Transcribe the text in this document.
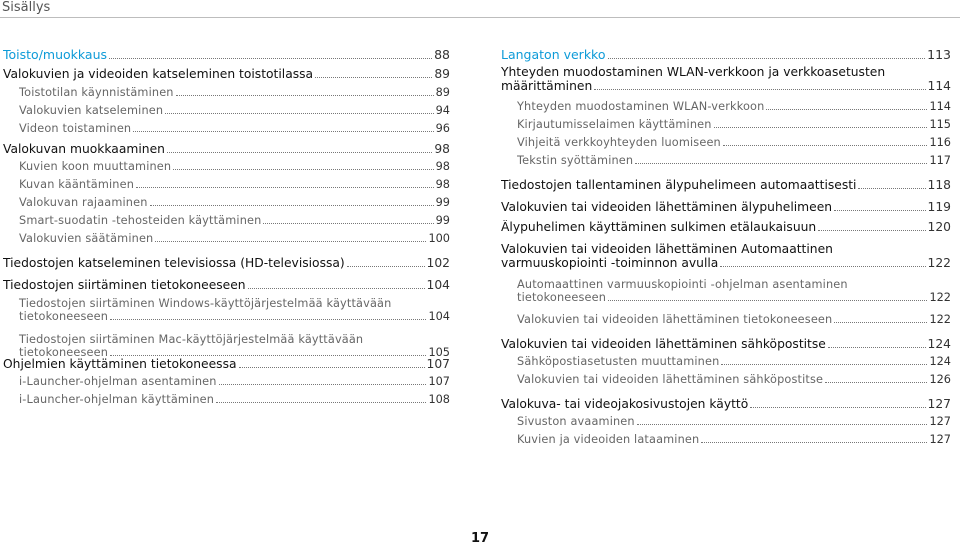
Sisällys
Toisto/muokkaus	88
Valokuvien ja videoiden katseleminen toistotilassa	89
Toistotilan käynnistäminen	89
Valokuvien katseleminen	94
Videon toistaminen	96
Valokuvan muokkaaminen	98
Kuvien koon muuttaminen	98
Kuvan kääntäminen	98
Valokuvan rajaaminen	99
Smart-suodatin -tehosteiden käyttäminen	99
Valokuvien säätäminen	100
Tiedostojen katseleminen televisiossa (HD-televisiossa)	102
Tiedostojen siirtäminen tietokoneeseen	104
Tiedostojen siirtäminen Windows-käyttöjärjestelmää käyttävään
tietokoneeseen	104
Tiedostojen siirtäminen Mac-käyttöjärjestelmää käyttävään
tietokoneeseen	105
Ohjelmien käyttäminen tietokoneessa	107
i-Launcher-ohjelman asentaminen	107
i-Launcher-ohjelman käyttäminen	108
Langaton verkko	113
Yhteyden muodostaminen WLAN-verkkoon ja verkkoasetusten
määrittäminen	114
Yhteyden muodostaminen WLAN-verkkoon	114
Kirjautumisselaimen käyttäminen	115
Vihjeitä verkkoyhteyden luomiseen	116
Tekstin syöttäminen	117
Tiedostojen tallentaminen älypuhelimeen automaattisesti	118
Valokuvien tai videoiden lähettäminen älypuhelimeen	119
Älypuhelimen käyttäminen sulkimen etälaukaisuun	120
Valokuvien tai videoiden lähettäminen Automaattinen
varmuuskopiointi -toiminnon avulla	122
Automaattinen varmuuskopiointi -ohjelman asentaminen
tietokoneeseen	122
Valokuvien tai videoiden lähettäminen tietokoneeseen	122
Valokuvien tai videoiden lähettäminen sähköpostitse	124
Sähköpostiasetusten muuttaminen	124
Valokuvien tai videoiden lähettäminen sähköpostitse	126
Valokuva- tai videojakosivustojen käyttö	127
Sivuston avaaminen	127
Kuvien ja videoiden lataaminen	127
17
